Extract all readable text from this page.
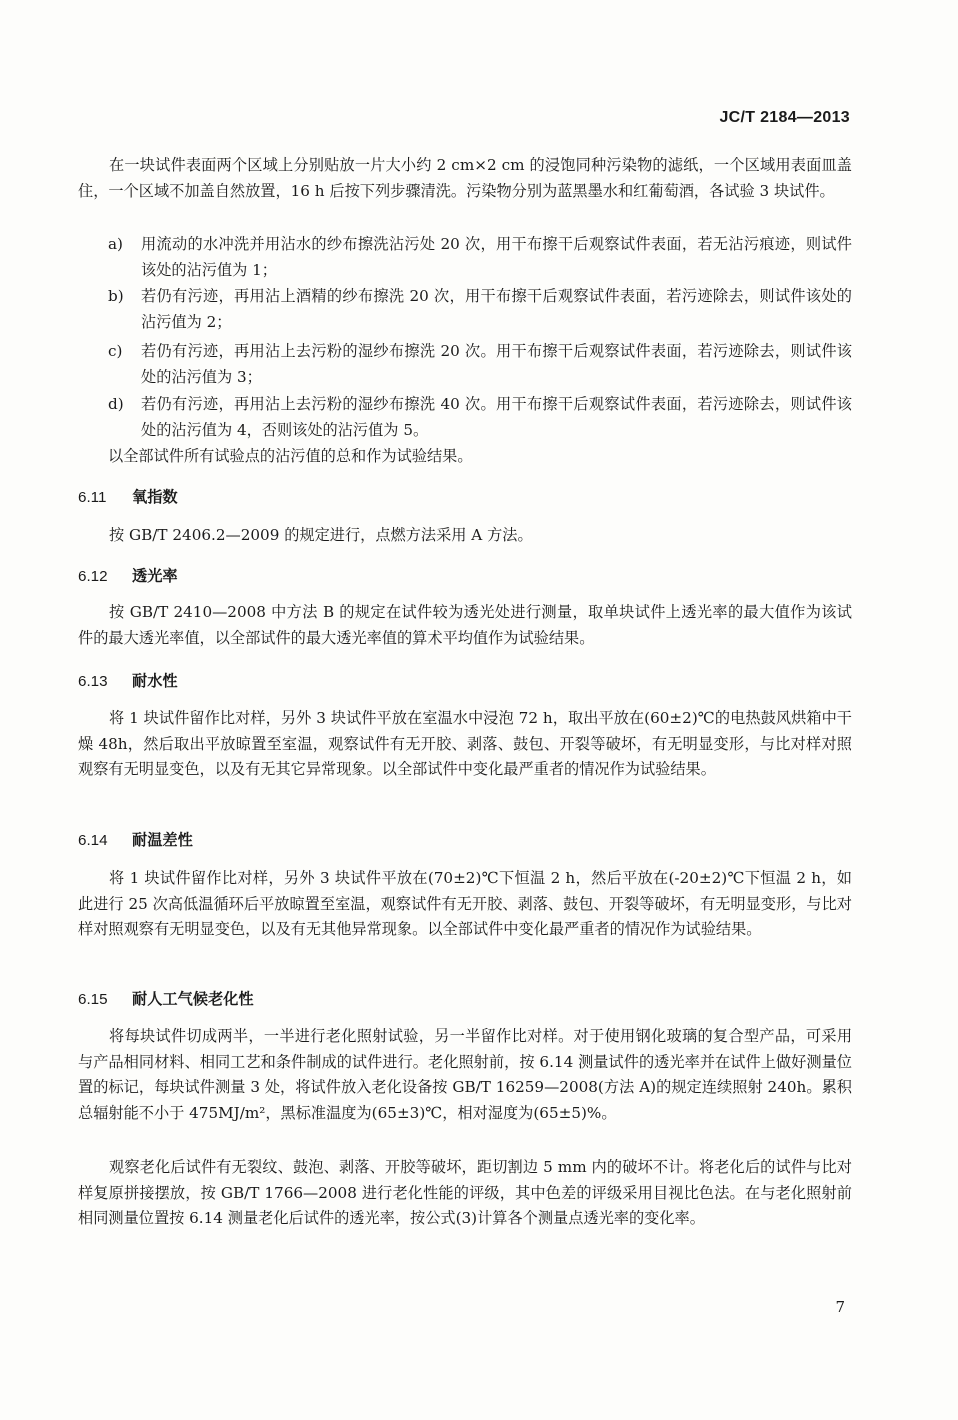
JC/T 2184—2013

在一块试件表面两个区域上分别贴放一片大小约 2 cm×2 cm 的浸饱同种污染物的滤纸，一个区域用表面皿盖住，一个区域不加盖自然放置，16 h 后按下列步骤清洗。污染物分别为蓝黑墨水和红葡萄酒，各试验 3 块试件。

a)	用流动的水冲洗并用沾水的纱布擦洗沾污处 20 次，用干布擦干后观察试件表面，若无沾污痕迹，则试件该处的沾污值为 1；
b)	若仍有污迹，再用沾上酒精的纱布擦洗 20 次，用干布擦干后观察试件表面，若污迹除去，则试件该处的沾污值为 2；
c)	若仍有污迹，再用沾上去污粉的湿纱布擦洗 20 次。用干布擦干后观察试件表面，若污迹除去，则试件该处的沾污值为 3；
d)	若仍有污迹，再用沾上去污粉的湿纱布擦洗 40 次。用干布擦干后观察试件表面，若污迹除去，则试件该处的沾污值为 4，否则该处的沾污值为 5。

以全部试件所有试验点的沾污值的总和作为试验结果。

6.11 氧指数

按 GB/T 2406.2—2009 的规定进行，点燃方法采用 A 方法。

6.12 透光率

按 GB/T 2410—2008 中方法 B 的规定在试件较为透光处进行测量，取单块试件上透光率的最大值作为该试件的最大透光率值，以全部试件的最大透光率值的算术平均值作为试验结果。

6.13 耐水性

将 1 块试件留作比对样，另外 3 块试件平放在室温水中浸泡 72 h，取出平放在(60±2)℃的电热鼓风烘箱中干燥 48h，然后取出平放晾置至室温，观察试件有无开胶、剥落、鼓包、开裂等破坏，有无明显变形，与比对样对照观察有无明显变色，以及有无其它异常现象。以全部试件中变化最严重者的情况作为试验结果。

6.14 耐温差性

将 1 块试件留作比对样，另外 3 块试件平放在(70±2)℃下恒温 2 h，然后平放在(-20±2)℃下恒温 2 h，如此进行 25 次高低温循环后平放晾置至室温，观察试件有无开胶、剥落、鼓包、开裂等破坏，有无明显变形，与比对样对照观察有无明显变色，以及有无其他异常现象。以全部试件中变化最严重者的情况作为试验结果。

6.15 耐人工气候老化性

将每块试件切成两半，一半进行老化照射试验，另一半留作比对样。对于使用钢化玻璃的复合型产品，可采用与产品相同材料、相同工艺和条件制成的试件进行。老化照射前，按 6.14 测量试件的透光率并在试件上做好测量位置的标记，每块试件测量 3 处，将试件放入老化设备按 GB/T 16259—2008(方法 A)的规定连续照射 240h。累积总辐射能不小于 475MJ/m²，黑标准温度为(65±3)℃，相对湿度为(65±5)%。

观察老化后试件有无裂纹、鼓泡、剥落、开胶等破坏，距切割边 5 mm 内的破坏不计。将老化后的试件与比对样复原拼接摆放，按 GB/T 1766—2008 进行老化性能的评级，其中色差的评级采用目视比色法。在与老化照射前相同测量位置按 6.14 测量老化后试件的透光率，按公式(3)计算各个测量点透光率的变化率。

7
